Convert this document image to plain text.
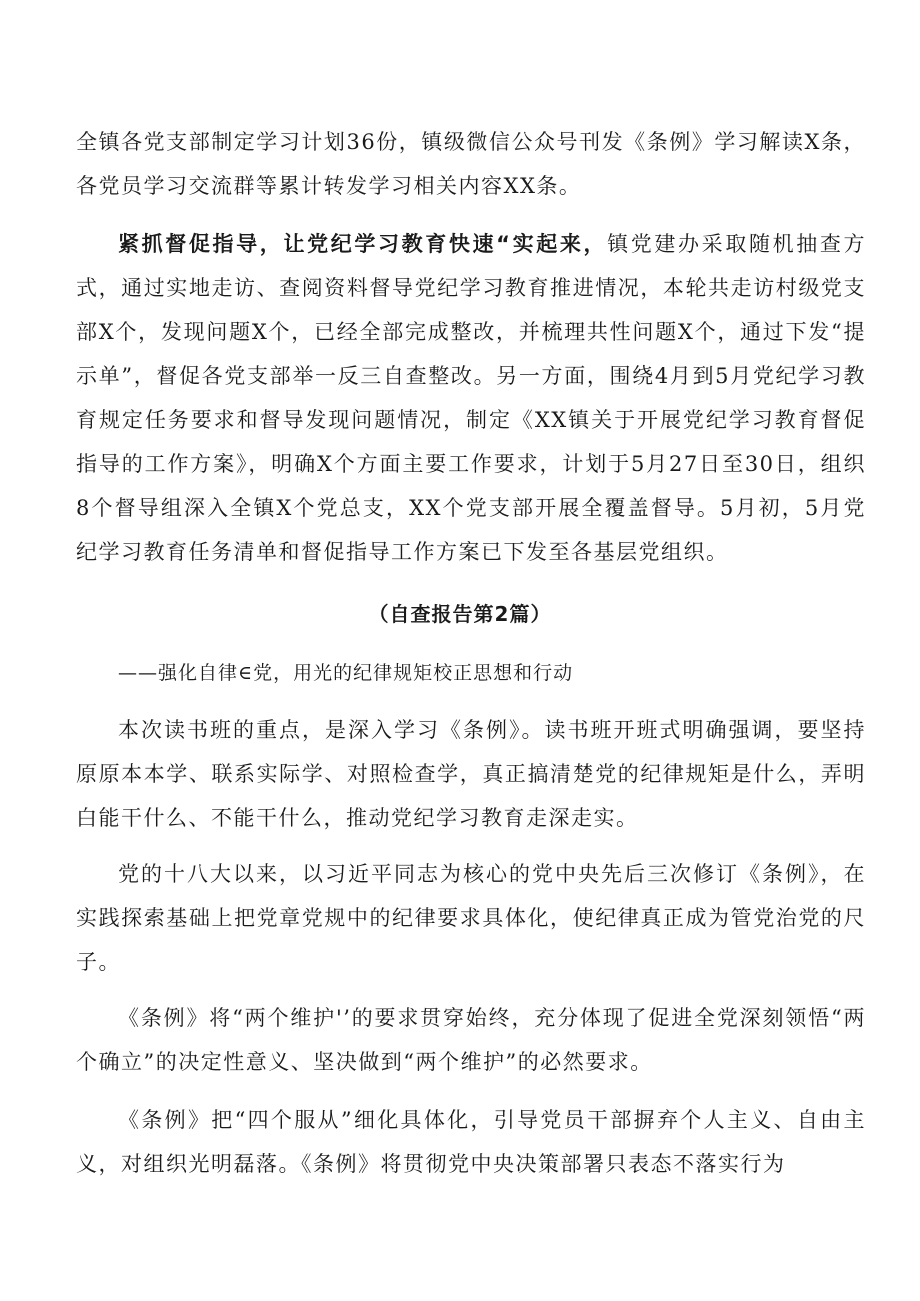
全镇各党支部制定学习计划36份，镇级微信公众号刊发《条例》学习解读X条，各党员学习交流群等累计转发学习相关内容XX条。

紧抓督促指导，让党纪学习教育快速“实起来，镇党建办采取随机抽查方式，通过实地走访、查阅资料督导党纪学习教育推进情况，本轮共走访村级党支部X个，发现问题X个，已经全部完成整改，并梳理共性问题X个，通过下发“提示单”，督促各党支部举一反三自查整改。另一方面，围绕4月到5月党纪学习教育规定任务要求和督导发现问题情况，制定《XX镇关于开展党纪学习教育督促指导的工作方案》，明确X个方面主要工作要求，计划于5月27日至30日，组织8个督导组深入全镇X个党总支，XX个党支部开展全覆盖督导。5月初，5月党纪学习教育任务清单和督促指导工作方案已下发至各基层党组织。

（自查报告第2篇）

——强化自律∈党，用光的纪律规矩校正思想和行动

本次读书班的重点，是深入学习《条例》。读书班开班式明确强调，要坚持原原本本学、联系实际学、对照检查学，真正搞清楚党的纪律规矩是什么，弄明白能干什么、不能干什么，推动党纪学习教育走深走实。

党的十八大以来，以习近平同志为核心的党中央先后三次修订《条例》，在实践探索基础上把党章党规中的纪律要求具体化，使纪律真正成为管党治党的尺子。

《条例》将“两个维护'’的要求贯穿始终，充分体现了促进全党深刻领悟“两个确立”的决定性意义、坚决做到“两个维护”的必然要求。

《条例》把“四个服从”细化具体化，引导党员干部摒弃个人主义、自由主义，对组织光明磊落。《条例》将贯彻党中央决策部署只表态不落实行为
